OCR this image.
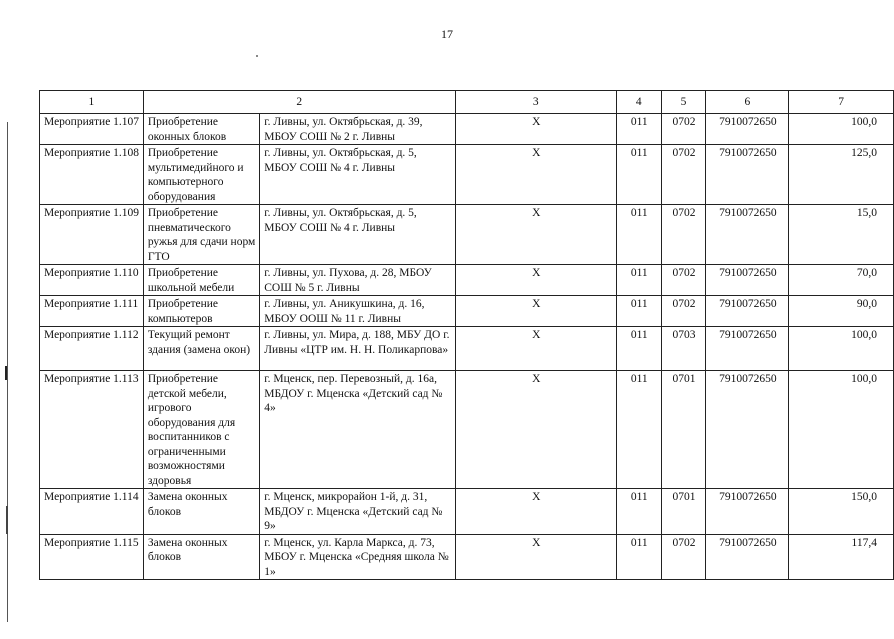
17
1	2		3	4	5	6	7
Мероприятие 1.107	Приобретение оконных блоков	г. Ливны, ул. Октябрьская, д. 39, МБОУ СОШ № 2 г. Ливны	X	011	0702	7910072650	100,0
Мероприятие 1.108	Приобретение мультимедийного и компьютерного оборудования	г. Ливны, ул. Октябрьская, д. 5, МБОУ СОШ № 4 г. Ливны	X	011	0702	7910072650	125,0
Мероприятие 1.109	Приобретение пневматического ружья для сдачи норм ГТО	г. Ливны, ул. Октябрьская, д. 5, МБОУ СОШ № 4 г. Ливны	X	011	0702	7910072650	15,0
Мероприятие 1.110	Приобретение школьной мебели	г. Ливны, ул. Пухова, д. 28, МБОУ СОШ № 5 г. Ливны	X	011	0702	7910072650	70,0
Мероприятие 1.111	Приобретение компьютеров	г. Ливны, ул. Аникушкина, д. 16, МБОУ ООШ № 11 г. Ливны	X	011	0702	7910072650	90,0
Мероприятие 1.112	Текущий ремонт здания (замена окон)	г. Ливны, ул. Мира, д. 188, МБУ ДО г. Ливны «ЦТР им. Н. Н. Поликарпова»	X	011	0703	7910072650	100,0
Мероприятие 1.113	Приобретение детской мебели, игрового оборудования для воспитанников с ограниченными возможностями здоровья	г. Мценск, пер. Перевозный, д. 16а, МБДОУ г. Мценска «Детский сад № 4»	X	011	0701	7910072650	100,0
Мероприятие 1.114	Замена оконных блоков	г. Мценск, микрорайон 1-й, д. 31, МБДОУ г. Мценска «Детский сад № 9»	X	011	0701	7910072650	150,0
Мероприятие 1.115	Замена оконных блоков	г. Мценск, ул. Карла Маркса, д. 73, МБОУ г. Мценска «Средняя школа № 1»	X	011	0702	7910072650	117,4
